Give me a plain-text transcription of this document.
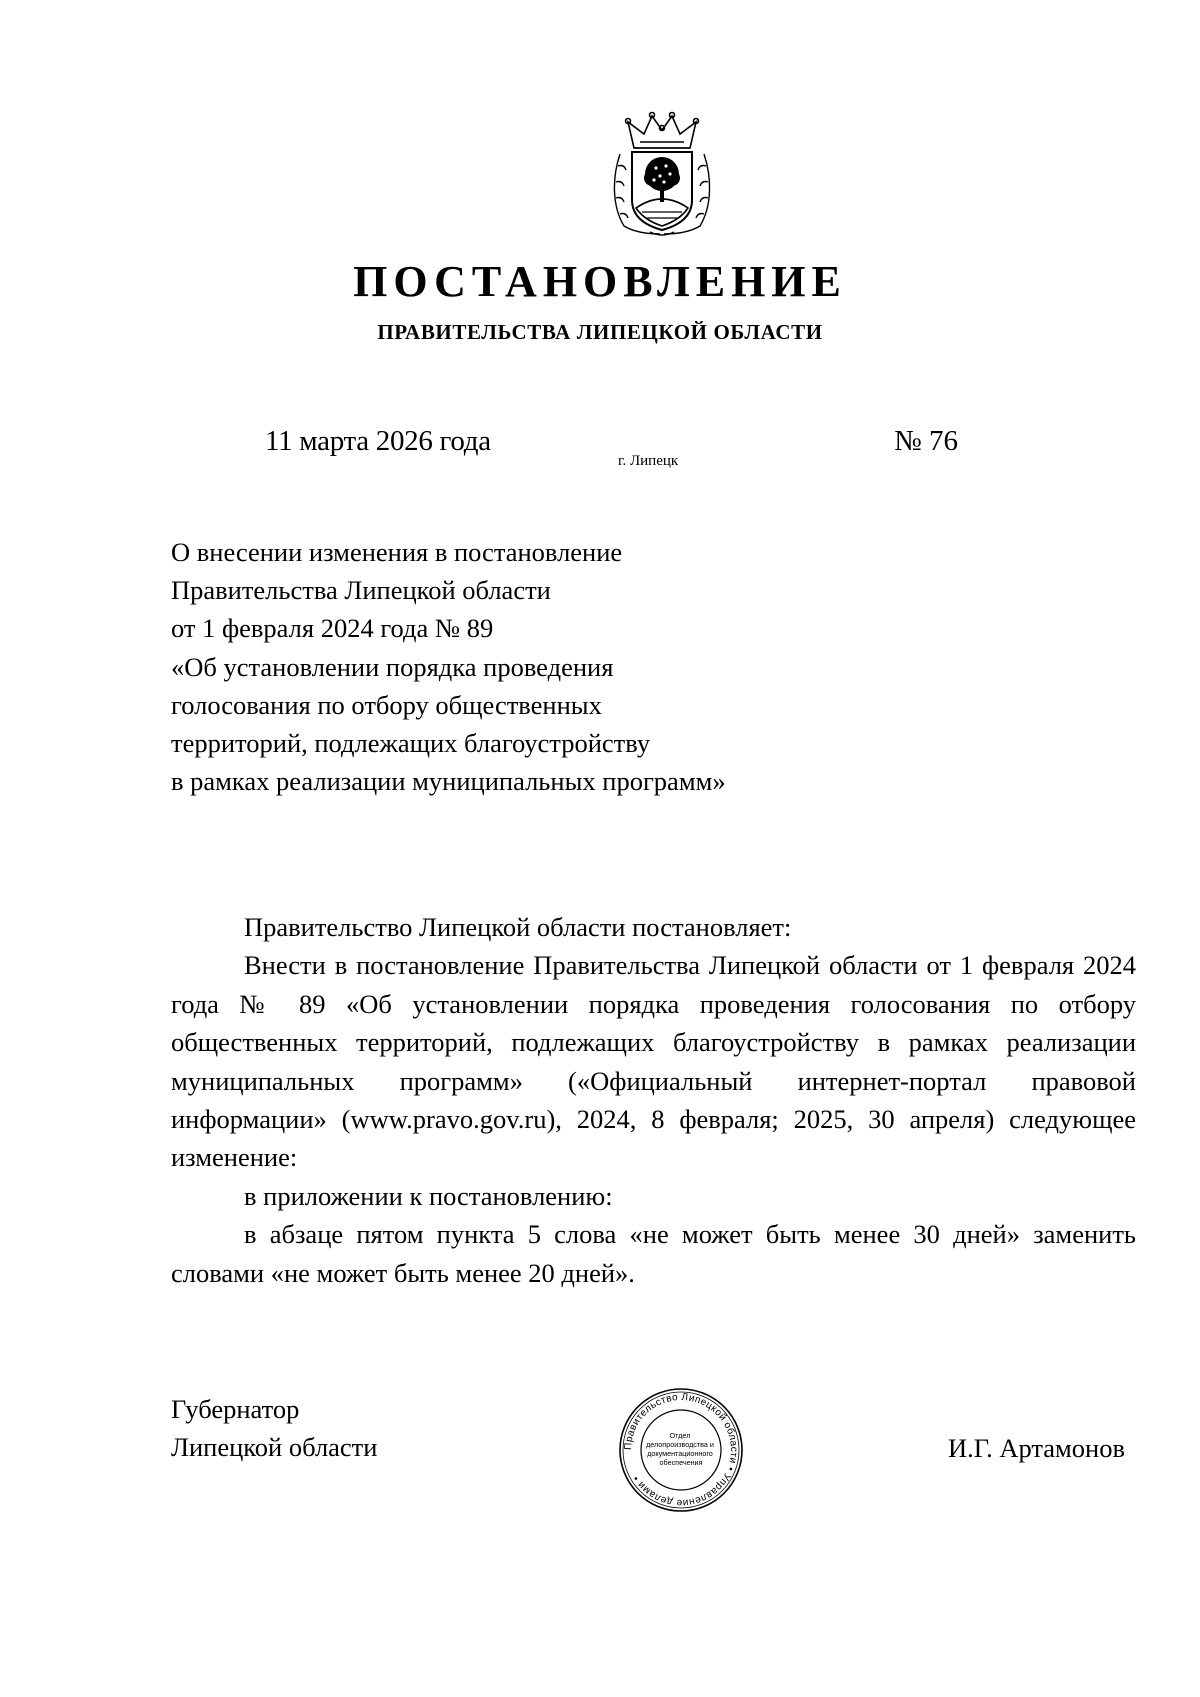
ПОСТАНОВЛЕНИЕ
ПРАВИТЕЛЬСТВА ЛИПЕЦКОЙ ОБЛАСТИ
11 марта 2026 года
г. Липецк
№ 76
О внесении изменения в постановление
Правительства Липецкой области
от 1 февраля 2024 года № 89
«Об установлении порядка проведения
голосования по отбору общественных
территорий, подлежащих благоустройству
в рамках реализации муниципальных программ»

Правительство Липецкой области постановляет:

Внести в постановление Правительства Липецкой области от 1 февраля 2024 года № 89 «Об установлении порядка проведения голосования по отбору общественных территорий, подлежащих благоустройству в рамках реализации муниципальных программ» («Официальный интернет-портал правовой информации» (www.pravo.gov.ru), 2024, 8 февраля; 2025, 30 апреля) следующее изменение:

в приложении к постановлению:

в абзаце пятом пункта 5 слова «не может быть менее 30 дней» заменить словами «не может быть менее 20 дней».

Губернатор
Липецкой области	Правительство Липецкой области • Управление делами •
Отдел делопроизводства и документационного обеспечения	И.Г. Артамонов
